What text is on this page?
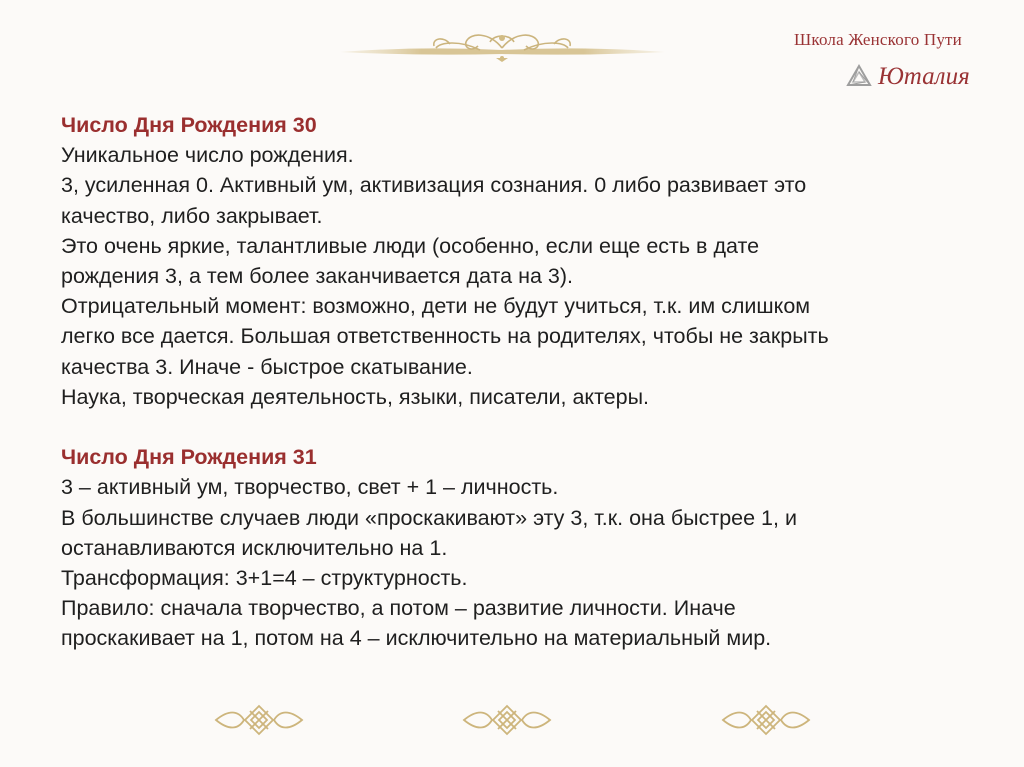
Школа Женского Пути
Юталия
Число Дня Рождения 30
Уникальное число рождения.
3, усиленная 0. Активный ум, активизация сознания. 0 либо развивает это
качество, либо закрывает.
Это очень яркие, талантливые люди (особенно, если еще есть в дате
рождения 3, а тем более заканчивается дата на 3).
Отрицательный момент: возможно, дети не будут учиться, т.к. им слишком
легко все дается. Большая ответственность на родителях, чтобы не закрыть
качества 3. Иначе - быстрое скатывание.
Наука, творческая деятельность, языки, писатели, актеры.
Число Дня Рождения 31
3 – активный ум, творчество, свет + 1 – личность.
В большинстве случаев люди «проскакивают» эту 3, т.к. она быстрее 1, и
останавливаются исключительно на 1.
Трансформация: 3+1=4 – структурность.
Правило: сначала творчество, а потом – развитие личности. Иначе
проскакивает на 1, потом на 4 – исключительно на материальный мир.
